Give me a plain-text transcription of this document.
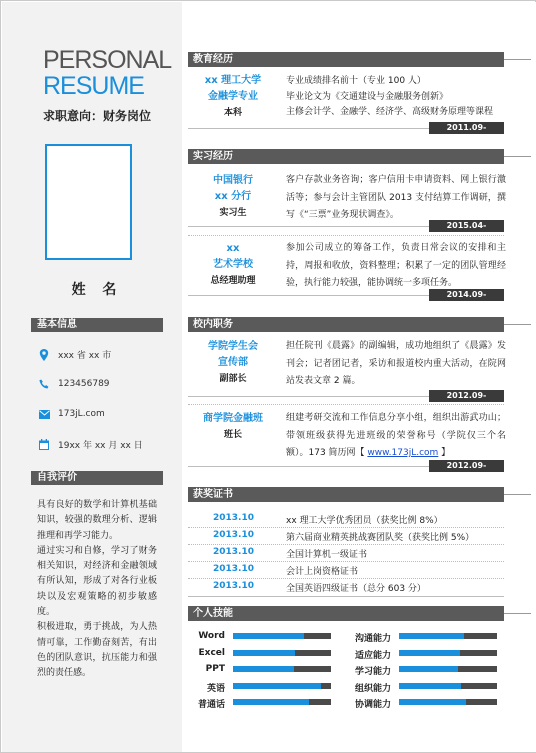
PERSONAL
RESUME
求职意向：财务岗位
姓 名
基本信息
xxx 省 xx 市
123456789
173jL.com
19xx 年 xx 月 xx 日
自我评价

具有良好的数学和计算机基础知识，较强的数理分析、逻辑推理和再学习能力。

通过实习和自修，学习了财务相关知识，对经济和金融领域有所认知，形成了对各行业板块以及宏观策略的初步敏感度。

积极进取，勇于挑战，为人热情可靠，工作勤奋刻苦，有出色的团队意识，抗压能力和强烈的责任感。

教育经历
xx 理工大学
金融学专业
本科
专业成绩排名前十（专业 100 人）
毕业论文为《交通建设与金融服务创新》
主修会计学、金融学、经济学、高级财务原理等课程
2011.09-2015.06
实习经历
中国银行
xx 分行
实习生
客户存款业务咨询；客户信用卡申请资料、网上银行激活等；参与会计主管团队 2013 支付结算工作调研，撰写《“三票”业务现状调查》。
2015.04-2015.06
xx
艺术学校
总经理助理
参加公司成立的筹备工作，负责日常会议的安排和主持，周报和收放，资料整理；积累了一定的团队管理经验，执行能力较强，能协调统一多项任务。
2014.09-2014.10
校内职务
学院学生会
宣传部
副部长
担任院刊《晨露》的副编辑，成功地组织了《晨露》发刊会；记者团记者，采访和报道校内重大活动，在院网站发表文章 2 篇。
2012.09-2014.06
商学院金融班
班长
组建考研交流和工作信息分享小组，组织出游武功山；带领班级获得先进班级的荣誉称号（学院仅三个名额）。173 简历网【 www.173jL.com 】
2012.09-2013.06
获奖证书
2013.10	xx 理工大学优秀团员（获奖比例 8%）
2013.10	第六届商业精英挑战赛团队奖（获奖比例 5%）
2013.10	全国计算机一级证书
2013.10	会计上岗资格证书
2013.10	全国英语四级证书（总分 603 分）
个人技能
Word
Excel
PPT
英语
普通话
沟通能力
适应能力
学习能力
组织能力
协调能力
